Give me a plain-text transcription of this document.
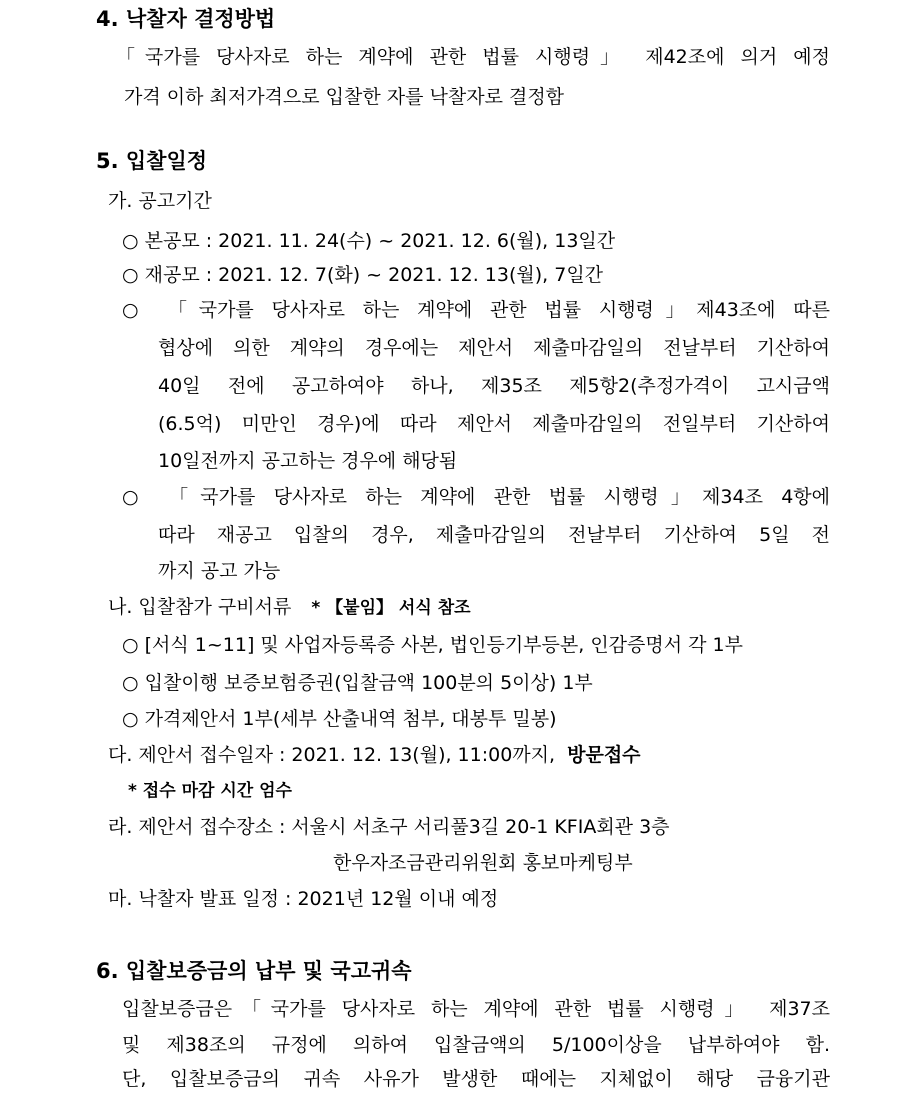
4. 낙찰자 결정방법
「국가를 당사자로 하는 계약에 관한 법률 시행령」 제42조에 의거 예정
가격 이하 최저가격으로 입찰한 자를 낙찰자로 결정함
5. 입찰일정
가. 공고기간
○ 본공모 : 2021. 11. 24(수) ~ 2021. 12. 6(월), 13일간
○ 재공모 : 2021. 12. 7(화) ~ 2021. 12. 13(월), 7일간
○ 「국가를 당사자로 하는 계약에 관한 법률 시행령」제43조에 따른
협상에 의한 계약의 경우에는 제안서 제출마감일의 전날부터 기산하여
40일 전에 공고하여야 하나, 제35조 제5항2(추정가격이 고시금액
(6.5억) 미만인 경우)에 따라 제안서 제출마감일의 전일부터 기산하여
10일전까지 공고하는 경우에 해당됨
○ 「국가를 당사자로 하는 계약에 관한 법률 시행령」제34조 4항에
따라 재공고 입찰의 경우, 제출마감일의 전날부터 기산하여 5일 전
까지 공고 가능
나. 입찰참가 구비서류 * 【붙임】 서식 참조
○ [서식 1~11] 및 사업자등록증 사본, 법인등기부등본, 인감증명서 각 1부
○ 입찰이행 보증보험증권(입찰금액 100분의 5이상) 1부
○ 가격제안서 1부(세부 산출내역 첨부, 대봉투 밀봉)
다. 제안서 접수일자 : 2021. 12. 13(월), 11:00까지, 방문접수
* 접수 마감 시간 엄수
라. 제안서 접수장소 : 서울시 서초구 서리풀3길 20-1 KFIA회관 3층
한우자조금관리위원회 홍보마케팅부
마. 낙찰자 발표 일정 : 2021년 12월 이내 예정
6. 입찰보증금의 납부 및 국고귀속
입찰보증금은「국가를 당사자로 하는 계약에 관한 법률 시행령」 제37조
및 제38조의 규정에 의하여 입찰금액의 5/100이상을 납부하여야 함.
단, 입찰보증금의 귀속 사유가 발생한 때에는 지체없이 해당 금융기관
